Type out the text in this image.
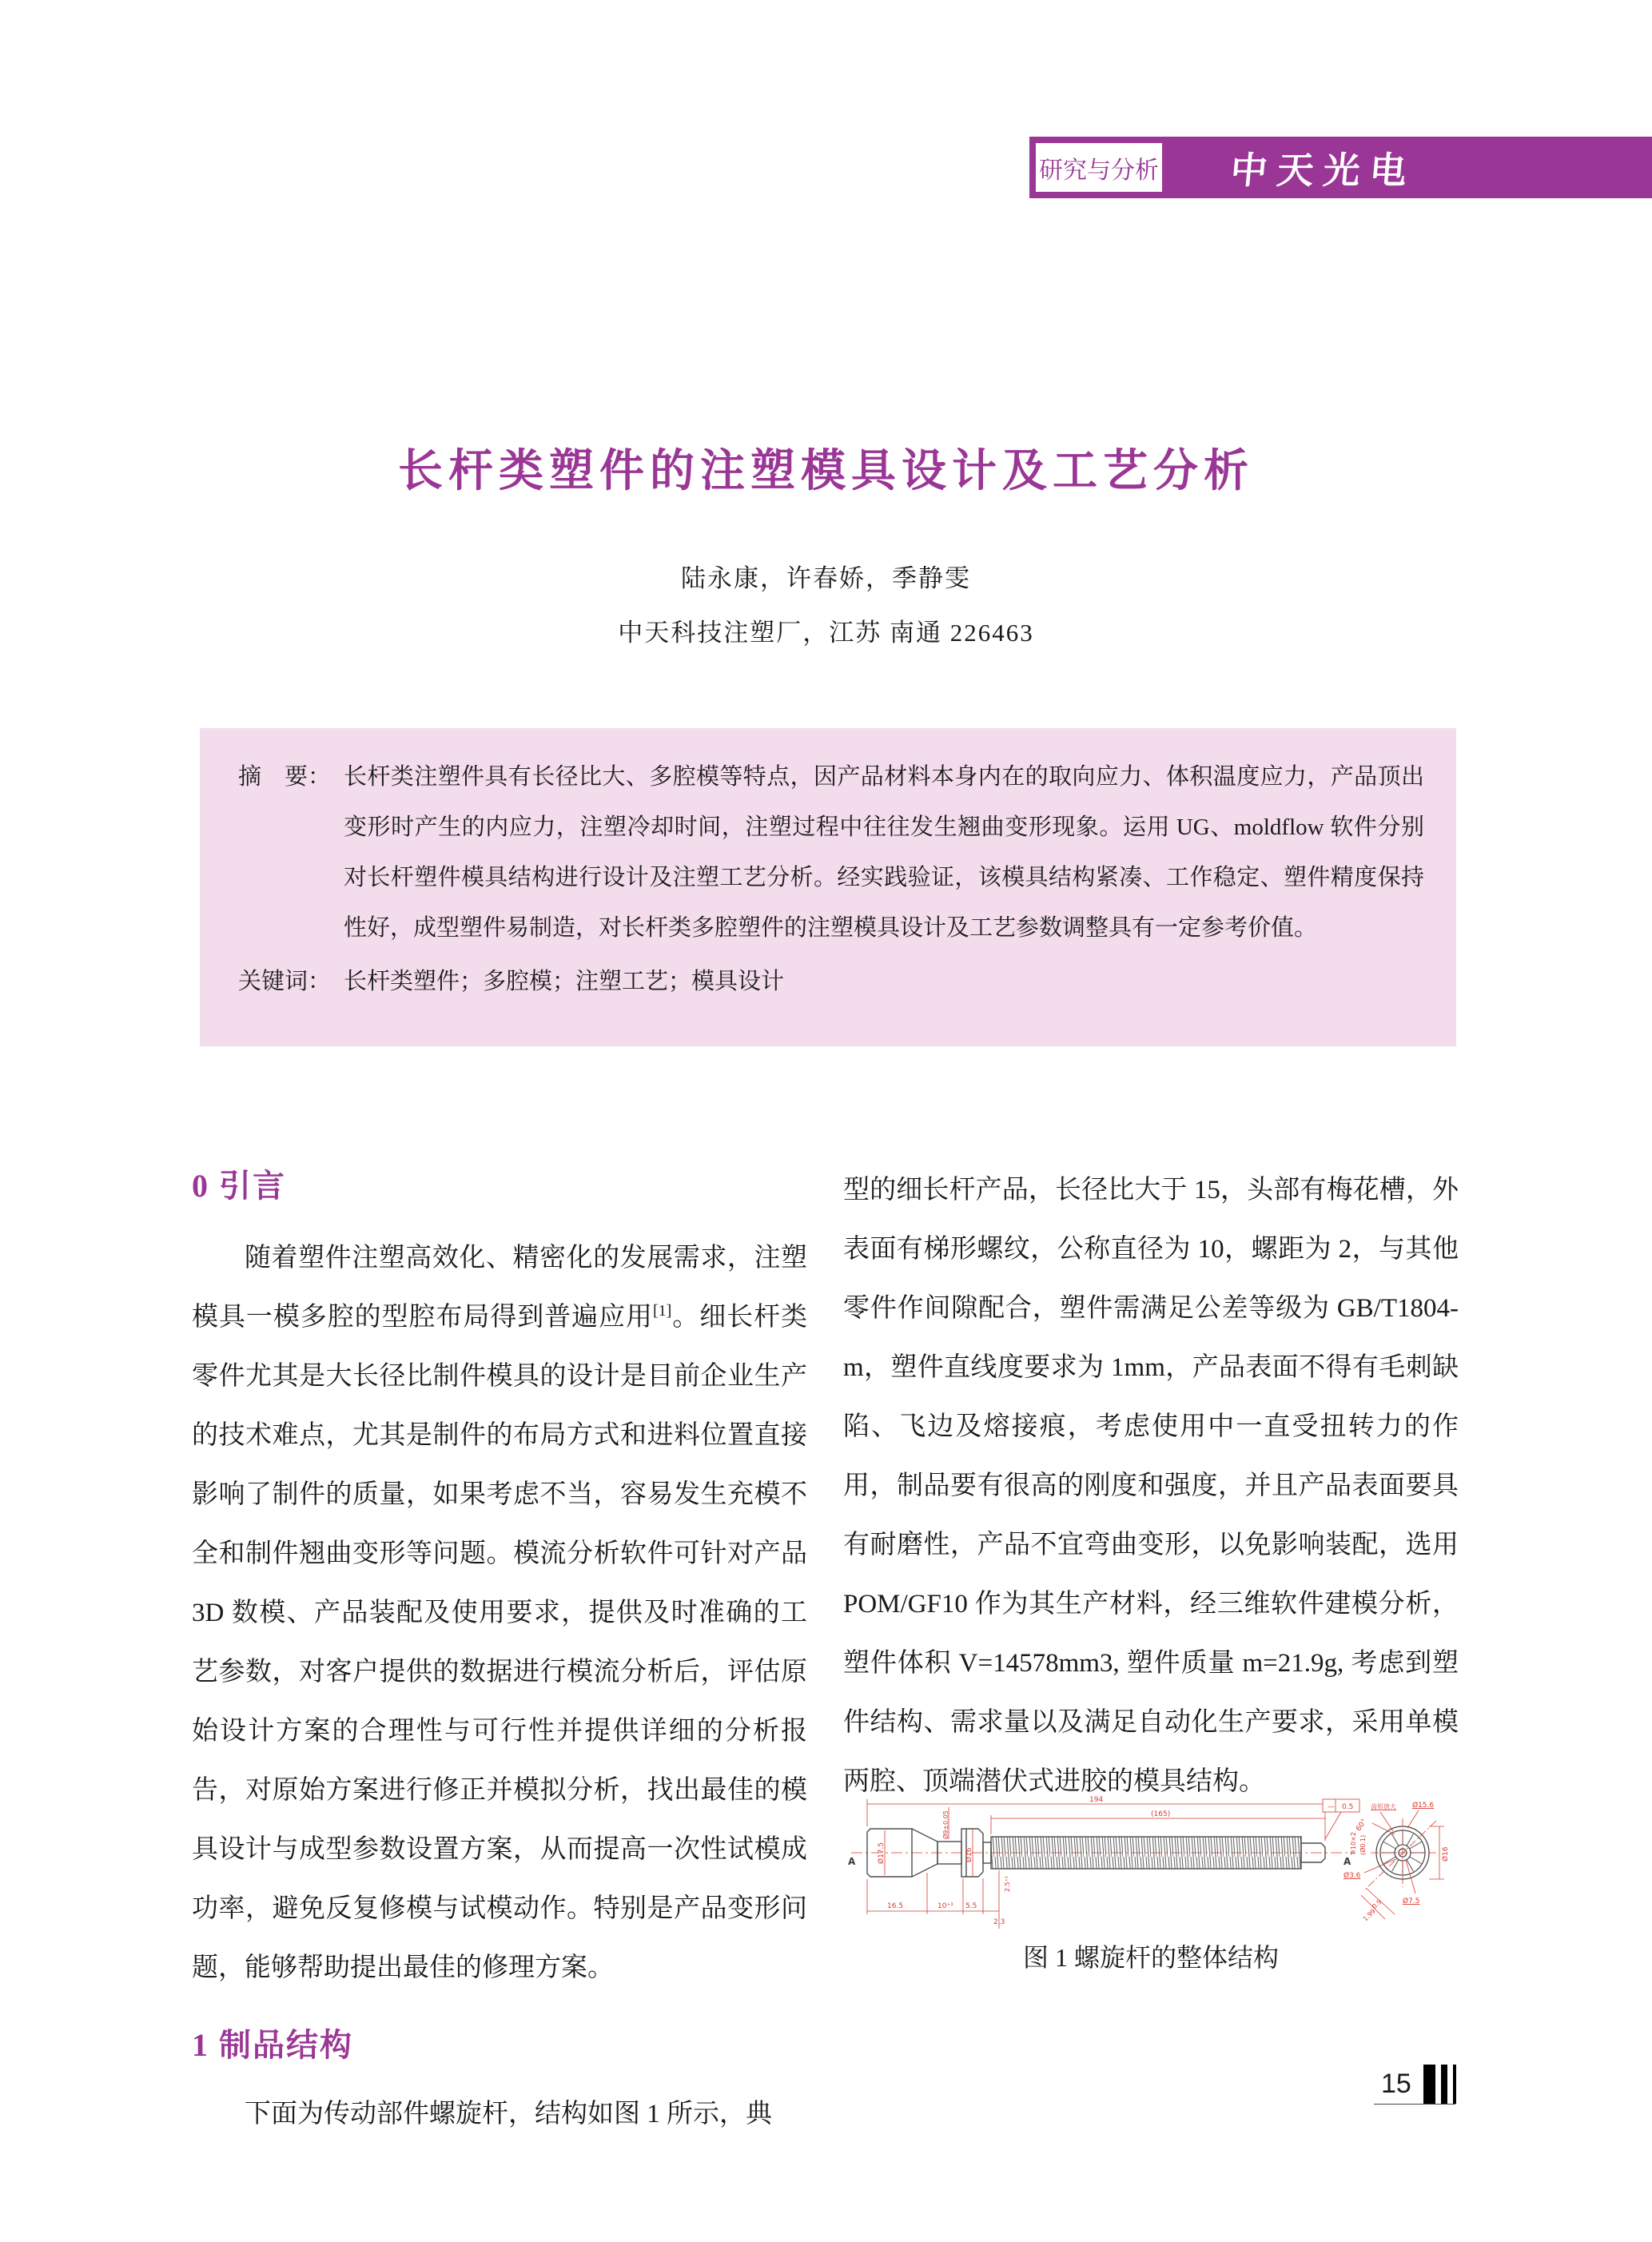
研究与分析 中天光电
长杆类塑件的注塑模具设计及工艺分析
陆永康，许春娇，季静雯
中天科技注塑厂，江苏 南通 226463
摘　要： 长杆类注塑件具有长径比大、多腔模等特点，因产品材料本身内在的取向应力、体积温度应力，产品顶出变形时产生的内应力，注塑冷却时间，注塑过程中往往发生翘曲变形现象。运用 UG、moldflow 软件分别对长杆塑件模具结构进行设计及注塑工艺分析。经实践验证，该模具结构紧凑、工作稳定、塑件精度保持性好，成型塑件易制造，对长杆类多腔塑件的注塑模具设计及工艺参数调整具有一定参考价值。
关键词： 长杆类塑件；多腔模；注塑工艺；模具设计
0 引言
随着塑件注塑高效化、精密化的发展需求，注塑模具一模多腔的型腔布局得到普遍应用[1]。细长杆类零件尤其是大长径比制件模具的设计是目前企业生产的技术难点，尤其是制件的布局方式和进料位置直接影响了制件的质量，如果考虑不当，容易发生充模不全和制件翘曲变形等问题。模流分析软件可针对产品 3D 数模、产品装配及使用要求，提供及时准确的工艺参数，对客户提供的数据进行模流分析后，评估原始设计方案的合理性与可行性并提供详细的分析报告，对原始方案进行修正并模拟分析，找出最佳的模具设计与成型参数设置方案，从而提高一次性试模成功率，避免反复修模与试模动作。特别是产品变形问题，能够帮助提出最佳的修理方案。
1 制品结构
下面为传动部件螺旋杆，结构如图 1 所示，典
型的细长杆产品，长径比大于 15，头部有梅花槽，外表面有梯形螺纹，公称直径为 10，螺距为 2，与其他零件作间隙配合，塑件需满足公差等级为 GB/T1804-m，塑件直线度要求为 1mm，产品表面不得有毛刺缺陷、飞边及熔接痕，考虑使用中一直受扭转力的作用，制品要有很高的刚度和强度，并且产品表面要具有耐磨性，产品不宜弯曲变形，以免影响装配，选用 POM/GF10 作为其生产材料，经三维软件建模分析，塑件体积 V=14578mm3, 塑件质量 m=21.9g, 考虑到塑件结构、需求量以及满足自动化生产要求，采用单模两腔、顶端潜伏式进胶的模具结构。
194
(165)
— 0.5
16.5	10⁺¹ 5.5
2.3
Ø17.5
Ø9±0.05
Ø16
2.5⁺¹
Tr10×2 (Ø0.1)
A	A
Ø15.6
Ø16
Ø7.5
Ø3.6
60°
齿形放大
0.9
1.99
图 1 螺旋杆的整体结构
15
